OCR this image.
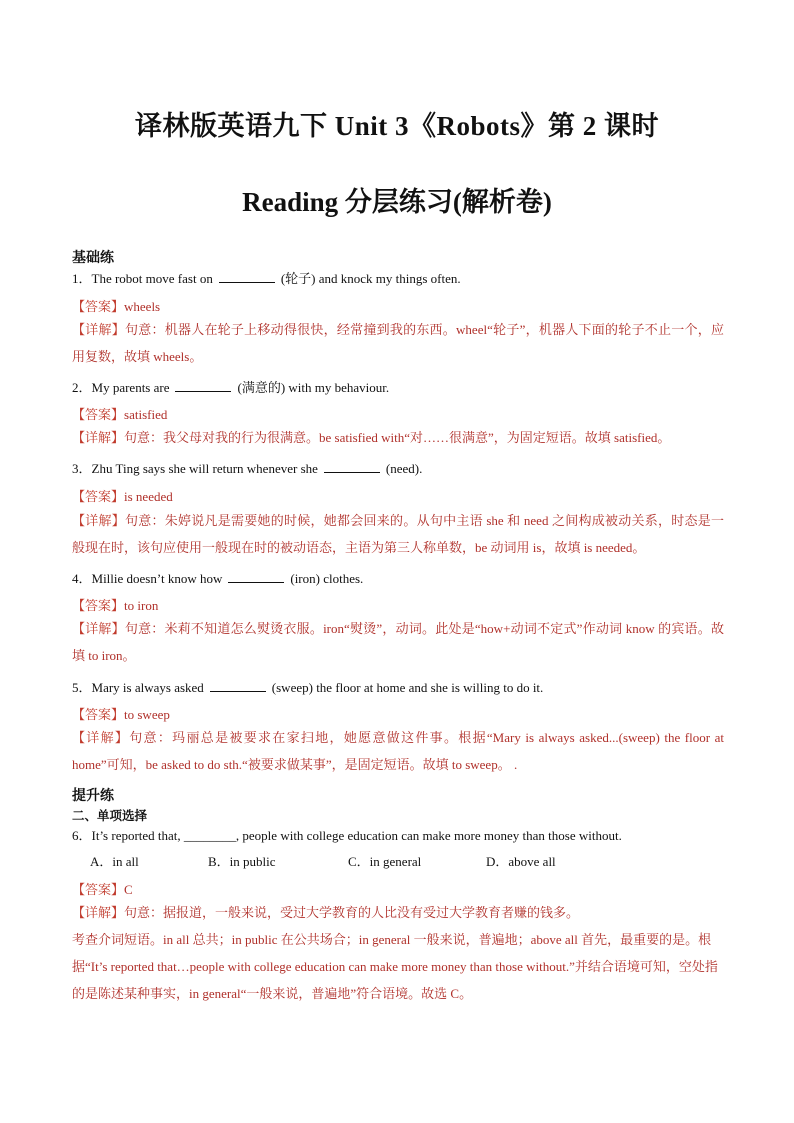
译林版英语九下 Unit 3《Robots》第 2 课时
Reading 分层练习(解析卷)
基础练
1．The robot move fast on	(轮子) and knock my things often.
【答案】wheels
【详解】句意：机器人在轮子上移动得很快，经常撞到我的东西。wheel“轮子”，机器人下面的轮子不止一个，应用复数，故填 wheels。
2．My parents are	(满意的) with my behaviour.
【答案】satisfied
【详解】句意：我父母对我的行为很满意。be satisfied with“对……很满意”，为固定短语。故填 satisfied。
3．Zhu Ting says she will return whenever she	(need).
【答案】is needed
【详解】句意：朱婷说凡是需要她的时候，她都会回来的。从句中主语 she 和 need 之间构成被动关系，时态是一般现在时，该句应使用一般现在时的被动语态，主语为第三人称单数，be 动词用 is，故填 is needed。
4．Millie doesn’t know how	(iron) clothes.
【答案】to iron
【详解】句意：米莉不知道怎么熨烫衣服。iron“熨烫”，动词。此处是“how+动词不定式”作动词 know 的宾语。故填 to iron。
5．Mary is always asked	(sweep) the floor at home and she is willing to do it.
【答案】to sweep
【详解】句意：玛丽总是被要求在家扫地，她愿意做这件事。根据“Mary is always asked...(sweep) the floor at home”可知，be asked to do sth.“被要求做某事”，是固定短语。故填 to sweep。 .
提升练
二、单项选择
6．It’s reported that, ________, people with college education can make more money than those without.
A．in all	B．in public	C．in general	D．above all
【答案】C
【详解】句意：据报道，一般来说，受过大学教育的人比没有受过大学教育者赚的钱多。
考查介词短语。in all 总共；in public 在公共场合；in general 一般来说，普遍地；above all 首先，最重要的是。根据“It’s reported that…people with college education can make more money than those without.”并结合语境可知，空处指的是陈述某种事实，in general“一般来说，普遍地”符合语境。故选 C。
